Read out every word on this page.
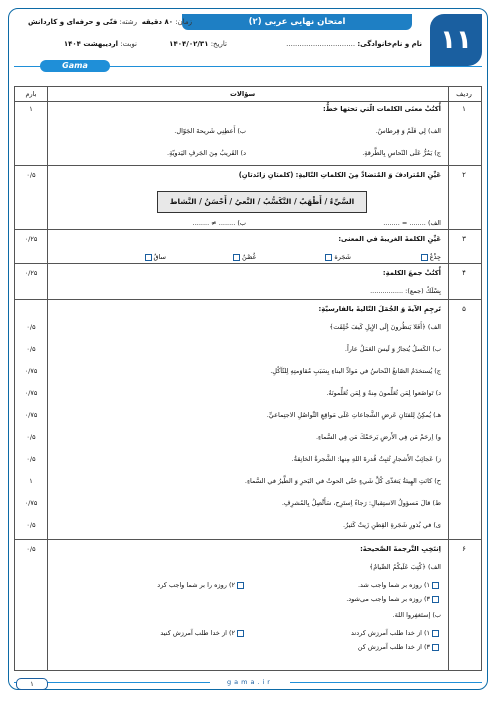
امتحان نهایی عربی (۲)
۱۱
زمان: ۸۰ دقیقه
رشته: فنّی و حرفه‌ای و کاردانش
نام و نام‌خانوادگی: ...............................
تاریخ: ۱۴۰۴/۰۲/۳۱
نوبت: اردیبهشت ۱۴۰۴
Gama
ردیف
سؤالات
بارم
۱
۱	أُكتُبْ معنَى الكلمات الّتي تحتها خطٌّ:
الف) لِي قَلَمٌ وَ قِرطاسٌ.
ب) أَعطِنِي شَريحةَ الجَوّال.
ج) يَمُرُّ عَلَى النّحاسِ بِالطَّرقةِ.
د) القَريبُ مِنَ الجَرفِ اليَدويّةِ.
۲
۰/۵	عَيِّنِ المُترادفَ وَ المُتضادَّ مِنَ الكلماتِ التّاليةِ: (كلمتانِ زائدتانِ)
السَّيِّءُ / أَطْهَبُ / التَّكَسُّبُ / النَّعيُ / أَحْسَنُ / النَّشاط
الف) ........ = ........
ب) ........ ≠ ........
۳
۰/۲۵	عَيِّنِ الكلمةَ الغريبةَ في المعنى:
جِذْعٌ
شَجَرة
غُصْنٌ
ساقٌ
۴
۰/۲۵	أُكتُبْ جمعَ الكلمةِ:
بِسْلَكٌ (جمع): ................
۵
تَرجِمِ الآيةَ وَ الجُمَلَ التّاليةَ بالفارسيّةِ:
۰/۵	الف) ﴿أَفَلا يَنظُرونَ إِلَى الإِبِلِ كَيفَ خُلِقَت﴾
۰/۵	ب) الكَسلُ يُتجارُ وَ لَيسَ العَمَلُ عاراً.
۰/۷۵	ج) يُستخدَمُ الصّانعُ النّحاسُ في مَوادِّ البناءِ بِسَبَبِ مُقاوَمتِهِ لِلتّآكُلِ.
۰/۷۵	د) تَواضَعوا لِمَن تُعَلِّمونَ مِنهُ وَ لِمَن تُعَلِّمونَهُ.
۰/۷۵	هـ) يُمكِنُ لِلفتَانِ عَرضِ الشَّجاعاتِ عَلَى مَواقِعِ التَّواصُلِ الاجتِماعيِّ.
۰/۵	و) اِرحَمْ مَن فِي الأَرضِ يَرحَمْكَ مَن فِي السَّماءِ.
۰/۵	ز) عَجائِبُ الأَشجارِ تُثبِتُ قُدرةَ اللهِ مِنها: الشَّجرةُ الخانِقةُ.
۱	ح) كانَتِ الهِيئةُ يَتغذّى كُلَّ شَيءٍ حَتّى الحوتُ في البَحرِ وَ الطَّيرُ في السَّماءِ.
۰/۷۵	ط) قالَ مَسؤولُ الاستِقبالِ: رَجاءً اِستَرِح، سَأَتَّصِلُ بِالمُشرِفِ.
۰/۵	ی) في بُذورِ شَجَرةِ القِطنِ زَيتٌ كَثيرٌ.
۶
۰/۵	اِنتَخِبِ التَّرجمةَ الصَّحيحةَ:
الف) ﴿كُتِبَ عَلَيكُمُ الصِّيامُ﴾
۱) روزه بر شما واجب شد.
۲) روزه را بر شما واجب کرد
۳) روزه بر شما واجب می‌شود.
ب) إستَغفِروا اللهَ.
۱) از خدا طلب آمرزش کردند
۲) از خدا طلب آمرزش کنید
۳) از خدا طلب آمرزش کن
gama.ir
۱
